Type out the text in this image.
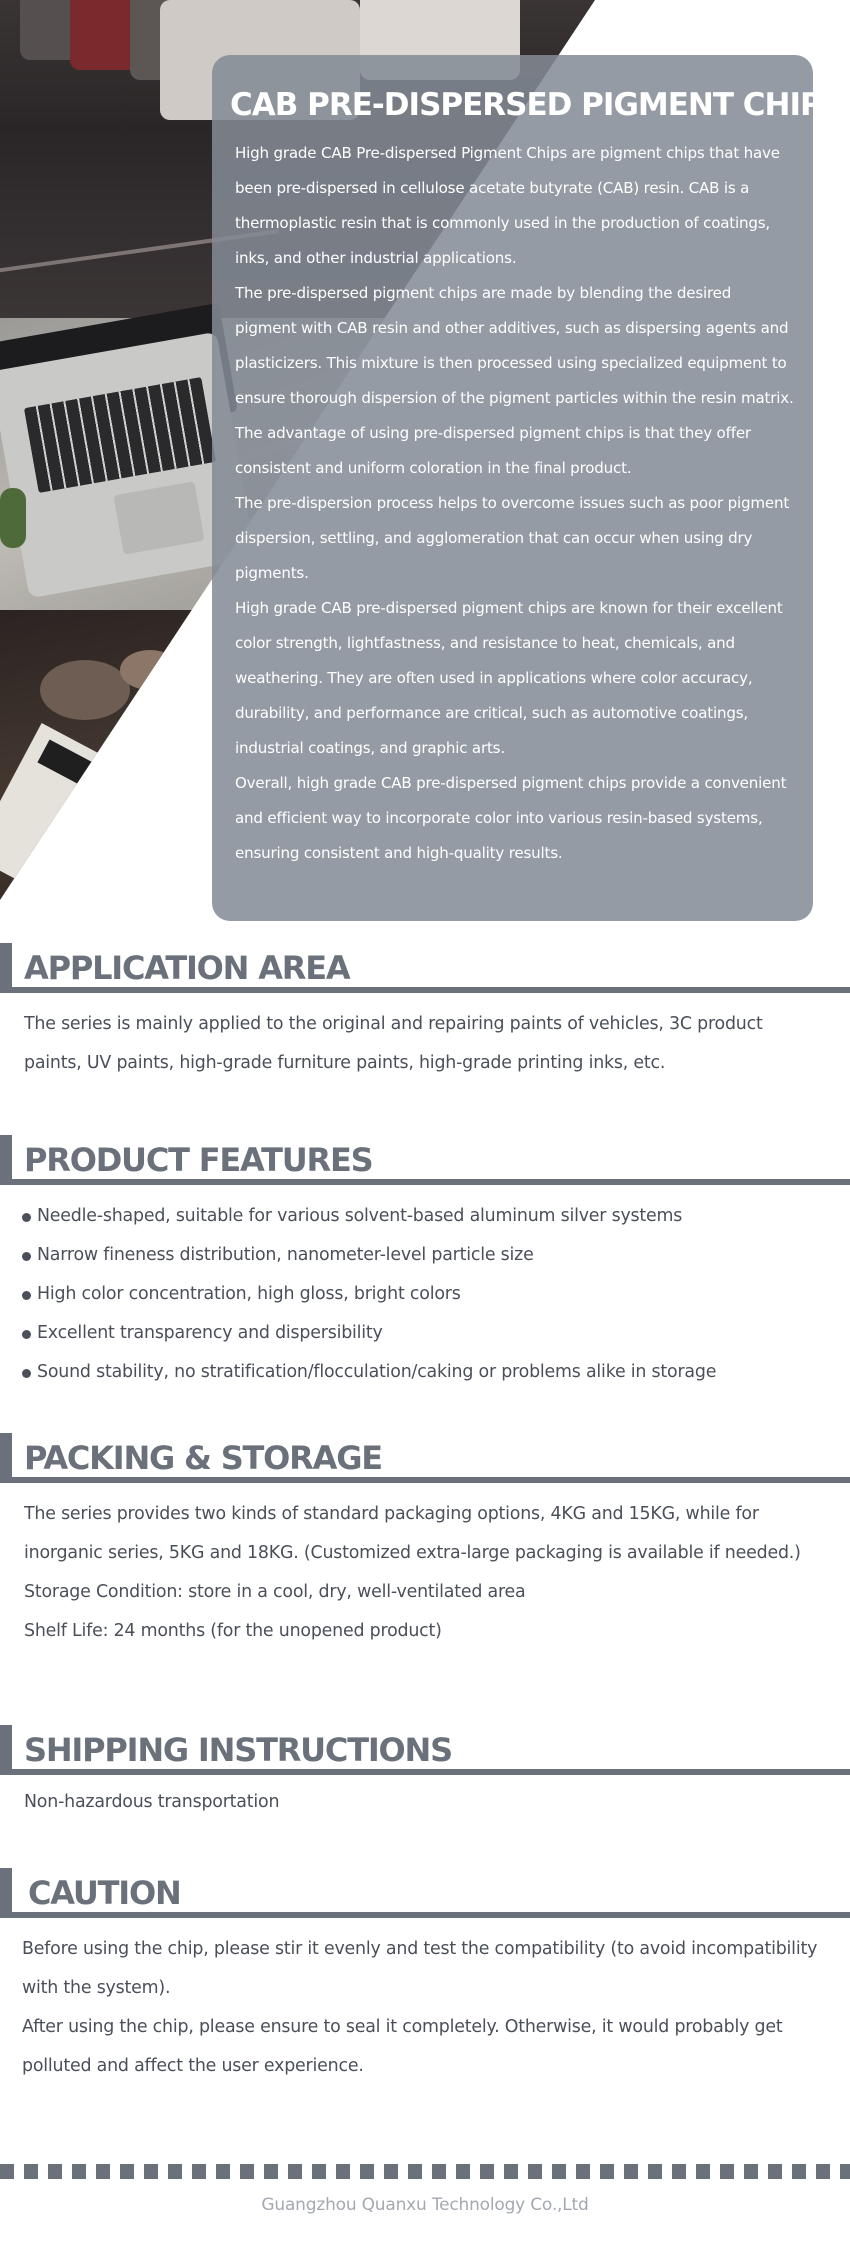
CAB PRE-DISPERSED PIGMENT CHIPS

High grade CAB Pre-dispersed Pigment Chips are pigment chips that have been pre-dispersed in cellulose acetate butyrate (CAB) resin. CAB is a thermoplastic resin that is commonly used in the production of coatings, inks, and other industrial applications.

The pre-dispersed pigment chips are made by blending the desired pigment with CAB resin and other additives, such as dispersing agents and plasticizers. This mixture is then processed using specialized equipment to ensure thorough dispersion of the pigment particles within the resin matrix.

The advantage of using pre-dispersed pigment chips is that they offer consistent and uniform coloration in the final product.

The pre-dispersion process helps to overcome issues such as poor pigment dispersion, settling, and agglomeration that can occur when using dry pigments.

High grade CAB pre-dispersed pigment chips are known for their excellent color strength, lightfastness, and resistance to heat, chemicals, and weathering. They are often used in applications where color accuracy, durability, and performance are critical, such as automotive coatings, industrial coatings, and graphic arts.

Overall, high grade CAB pre-dispersed pigment chips provide a convenient and efficient way to incorporate color into various resin-based systems, ensuring consistent and high-quality results.

APPLICATION AREA
The series is mainly applied to the original and repairing paints of vehicles, 3C product paints, UV paints, high-grade furniture paints, high-grade printing inks, etc.
PRODUCT FEATURES
Needle-shaped, suitable for various solvent-based aluminum silver systems
Narrow fineness distribution, nanometer-level particle size
High color concentration, high gloss, bright colors
Excellent transparency and dispersibility
Sound stability, no stratification/flocculation/caking or problems alike in storage
PACKING & STORAGE

The series provides two kinds of standard packaging options, 4KG and 15KG, while for inorganic series, 5KG and 18KG. (Customized extra-large packaging is available if needed.)

Storage Condition: store in a cool, dry, well-ventilated area

Shelf Life: 24 months (for the unopened product)

SHIPPING INSTRUCTIONS
Non-hazardous transportation
CAUTION

Before using the chip, please stir it evenly and test the compatibility (to avoid incompatibility with the system).

After using the chip, please ensure to seal it completely. Otherwise, it would probably get polluted and affect the user experience.

Guangzhou Quanxu Technology Co.,Ltd
